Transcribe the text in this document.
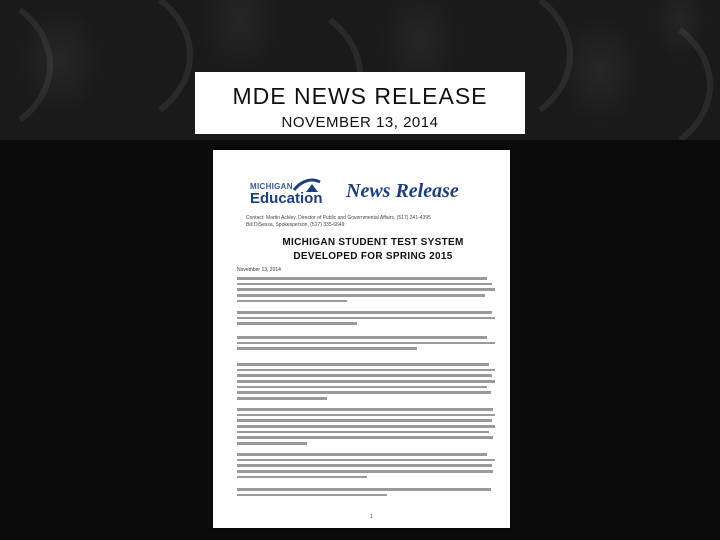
MDE NEWS RELEASE
NOVEMBER 13, 2014
MICHIGAN
Education News Release
Contact: Martin Ackley, Director of Public and Governmental Affairs, (517) 241-4395
Bill DiSessa, Spokesperson, (517) 335-6649
MICHIGAN STUDENT TEST SYSTEM
DEVELOPED FOR SPRING 2015
November 13, 2014
1
